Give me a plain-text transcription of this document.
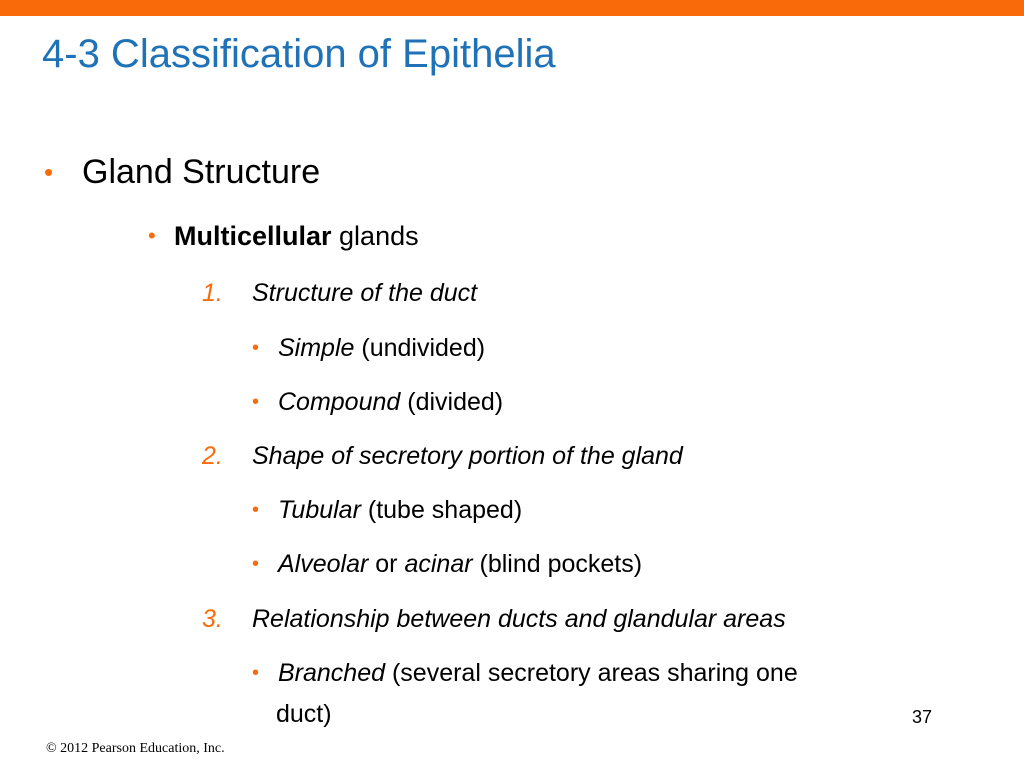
4-3 Classification of Epithelia
• Gland Structure
• Multicellular glands
1. Structure of the duct
• Simple (undivided)
• Compound (divided)
2. Shape of secretory portion of the gland
• Tubular (tube shaped)
• Alveolar or acinar (blind pockets)
3. Relationship between ducts and glandular areas
• Branched (several secretory areas sharing one
duct)	37
© 2012 Pearson Education, Inc.
